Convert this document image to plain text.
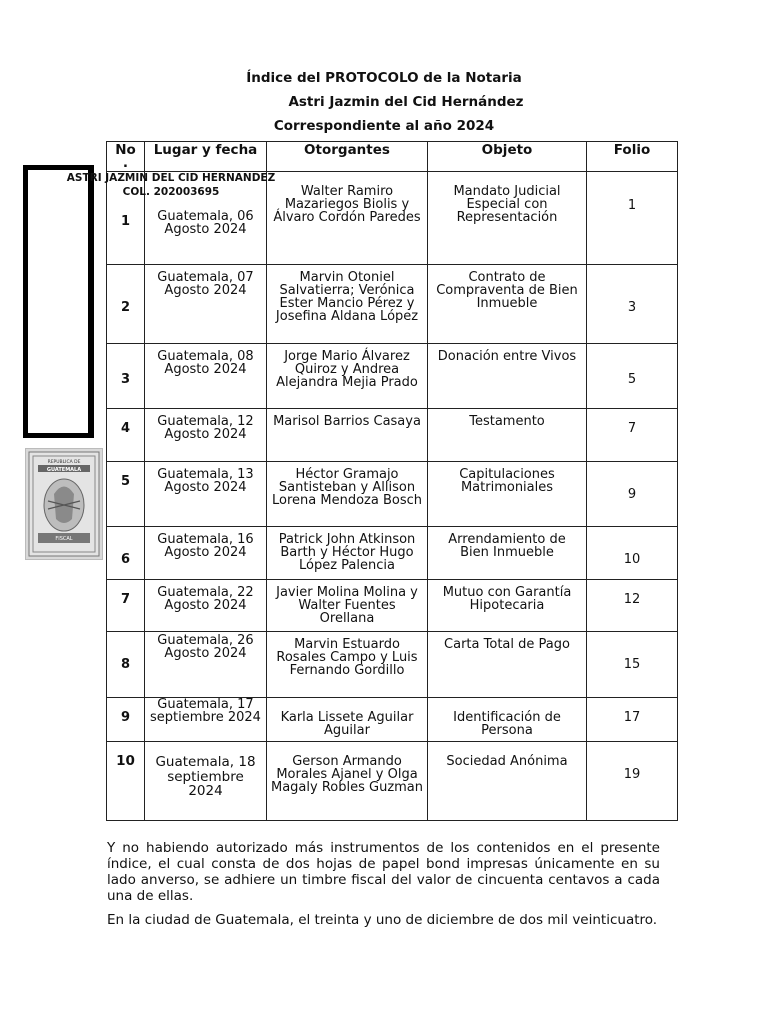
Índice del PROTOCOLO de la Notaria
Astri Jazmin del Cid Hernández
Correspondiente al año 2024
REPUBLICA DE
GUATEMALA
FISCAL
No .	Lugar y fecha	Otorgantes	Objeto	Folio
1	Guatemala, 06 Agosto 2024	Walter Ramiro Mazariegos Biolis y Álvaro Cordón Paredes	Mandato Judicial Especial con Representación	1
2	Guatemala, 07 Agosto 2024	Marvin Otoniel Salvatierra; Verónica Ester Mancio Pérez y Josefina Aldana López	Contrato de Compraventa de Bien Inmueble	3
3	Guatemala, 08 Agosto 2024	Jorge Mario Álvarez Quiroz y Andrea Alejandra Mejia Prado	Donación entre Vivos	5
4	Guatemala, 12 Agosto 2024	Marisol Barrios Casaya	Testamento	7
5	Guatemala, 13 Agosto 2024	Héctor Gramajo Santisteban y Allison Lorena Mendoza Bosch	Capitulaciones Matrimoniales	9
6	Guatemala, 16 Agosto 2024	Patrick John Atkinson Barth y Héctor Hugo López Palencia	Arrendamiento de Bien Inmueble	10
7	Guatemala, 22 Agosto 2024	Javier Molina Molina y Walter Fuentes Orellana	Mutuo con Garantía Hipotecaria	12
8	Guatemala, 26 Agosto 2024	Marvin Estuardo Rosales Campo y Luis Fernando Gordillo	Carta Total de Pago	15
9	Guatemala, 17 septiembre 2024	Karla Lissete Aguilar Aguilar	Identificación de Persona	17
10	Guatemala, 18 septiembre 2024	Gerson Armando Morales Ajanel y Olga Magaly Robles Guzman	Sociedad Anónima	19
ASTRI JAZMIN DEL CID HERNANDEZ
COL. 202003695

Y no habiendo autorizado más instrumentos de los contenidos en el presente índice, el cual consta de dos hojas de papel bond impresas únicamente en su lado anverso, se adhiere un timbre fiscal del valor de cincuenta centavos a cada una de ellas.

En la ciudad de Guatemala, el treinta y uno de diciembre de dos mil veinticuatro.
